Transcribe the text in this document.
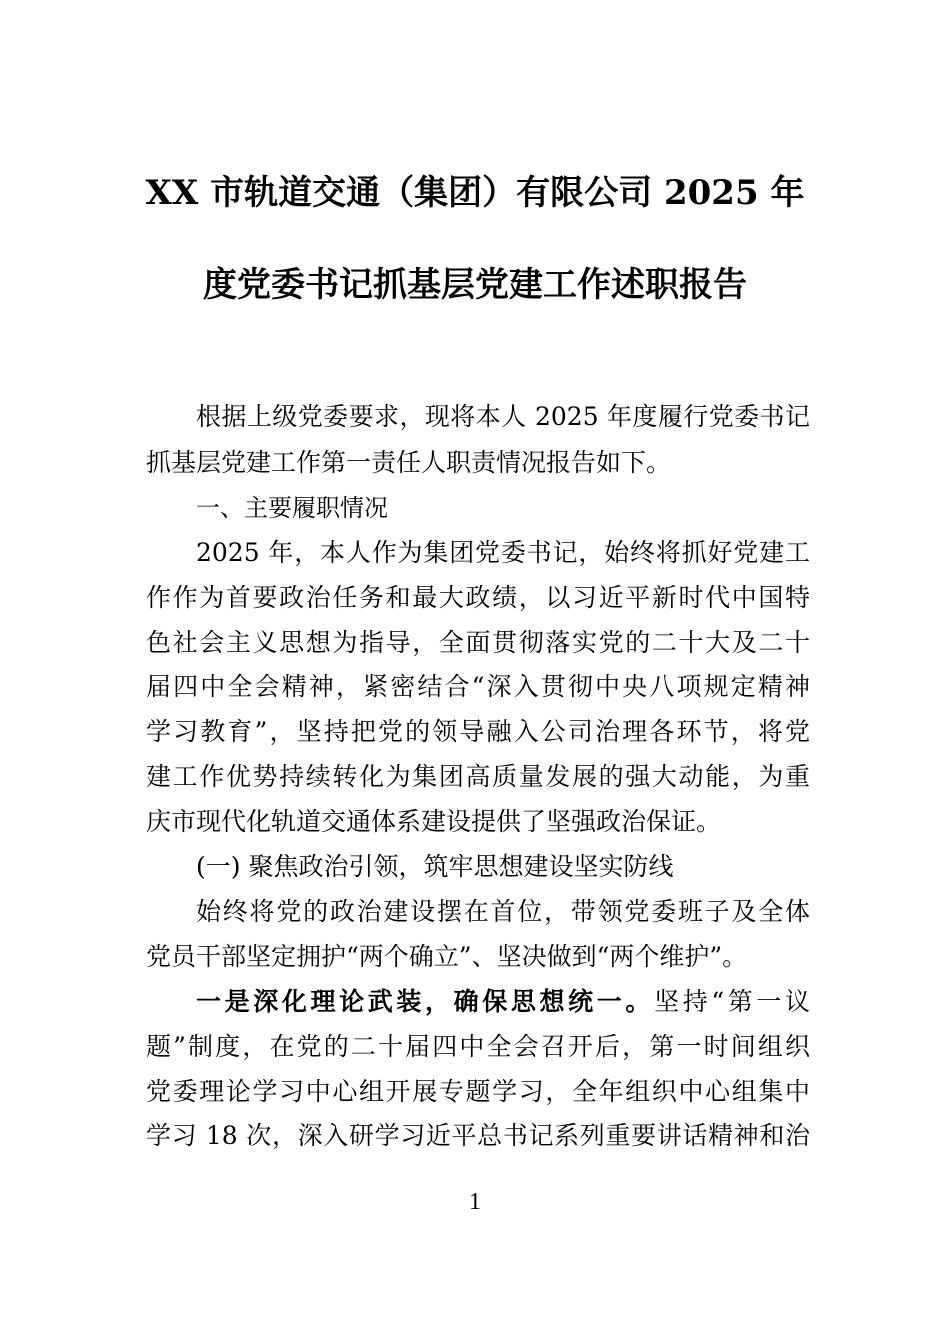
XX 市轨道交通（集团）有限公司 2025 年
度党委书记抓基层党建工作述职报告
根据上级党委要求，现将本人 2025 年度履行党委书记
抓基层党建工作第一责任人职责情况报告如下。
一、主要履职情况
2025 年，本人作为集团党委书记，始终将抓好党建工
作作为首要政治任务和最大政绩，以习近平新时代中国特
色社会主义思想为指导，全面贯彻落实党的二十大及二十
届四中全会精神，紧密结合“深入贯彻中央八项规定精神
学习教育”，坚持把党的领导融入公司治理各环节，将党
建工作优势持续转化为集团高质量发展的强大动能，为重
庆市现代化轨道交通体系建设提供了坚强政治保证。
(一) 聚焦政治引领，筑牢思想建设坚实防线
始终将党的政治建设摆在首位，带领党委班子及全体
党员干部坚定拥护“两个确立”、坚决做到“两个维护”。
一是深化理论武装，确保思想统一。坚持“第一议
题”制度，在党的二十届四中全会召开后，第一时间组织
党委理论学习中心组开展专题学习，全年组织中心组集中
学习 18 次，深入研学习近平总书记系列重要讲话精神和治
1
